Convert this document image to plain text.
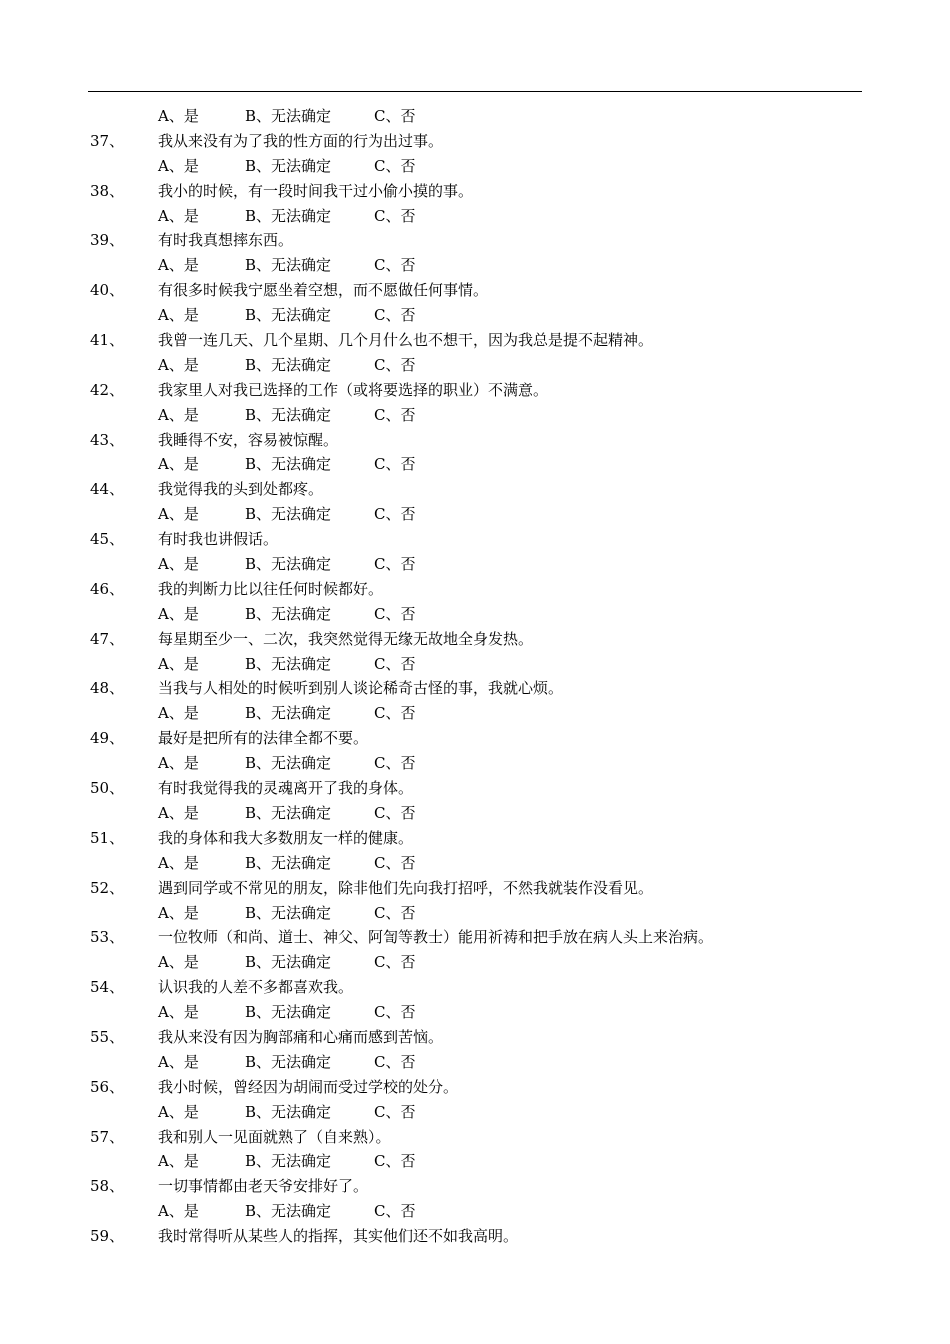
A、是	B、无法确定	C、否
37、 我从来没有为了我的性方面的行为出过事。
A、是	B、无法确定	C、否
38、 我小的时候，有一段时间我干过小偷小摸的事。
A、是	B、无法确定	C、否
39、 有时我真想摔东西。
A、是	B、无法确定	C、否
40、 有很多时候我宁愿坐着空想，而不愿做任何事情。
A、是	B、无法确定	C、否
41、 我曾一连几天、几个星期、几个月什么也不想干，因为我总是提不起精神。
A、是	B、无法确定	C、否
42、 我家里人对我已选择的工作（或将要选择的职业）不满意。
A、是	B、无法确定	C、否
43、 我睡得不安，容易被惊醒。
A、是	B、无法确定	C、否
44、 我觉得我的头到处都疼。
A、是	B、无法确定	C、否
45、 有时我也讲假话。
A、是	B、无法确定	C、否
46、 我的判断力比以往任何时候都好。
A、是	B、无法确定	C、否
47、 每星期至少一、二次，我突然觉得无缘无故地全身发热。
A、是	B、无法确定	C、否
48、 当我与人相处的时候听到别人谈论稀奇古怪的事，我就心烦。
A、是	B、无法确定	C、否
49、 最好是把所有的法律全都不要。
A、是	B、无法确定	C、否
50、 有时我觉得我的灵魂离开了我的身体。
A、是	B、无法确定	C、否
51、 我的身体和我大多数朋友一样的健康。
A、是	B、无法确定	C、否
52、 遇到同学或不常见的朋友，除非他们先向我打招呼，不然我就装作没看见。
A、是	B、无法确定	C、否
53、 一位牧师（和尚、道士、神父、阿訇等教士）能用祈祷和把手放在病人头上来治病。
A、是	B、无法确定	C、否
54、 认识我的人差不多都喜欢我。
A、是	B、无法确定	C、否
55、 我从来没有因为胸部痛和心痛而感到苦恼。
A、是	B、无法确定	C、否
56、 我小时候，曾经因为胡闹而受过学校的处分。
A、是	B、无法确定	C、否
57、 我和别人一见面就熟了（自来熟）。
A、是	B、无法确定	C、否
58、 一切事情都由老天爷安排好了。
A、是	B、无法确定	C、否
59、 我时常得听从某些人的指挥，其实他们还不如我高明。
